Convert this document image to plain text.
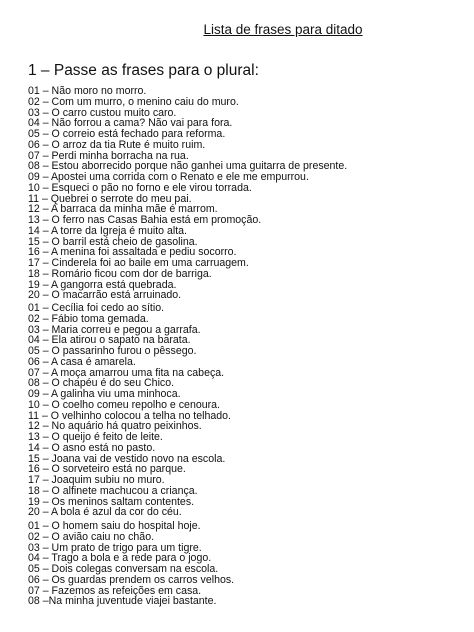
Lista de frases para ditado
1 – Passe as frases para o plural:
01 – Não moro no morro.
02 – Com um murro, o menino caiu do muro.
03 – O carro custou muito caro.
04 – Não forrou a cama? Não vai para fora.
05 – O correio está fechado para reforma.
06 – O arroz da tia Rute é muito ruim.
07 – Perdi minha borracha na rua.
08 – Estou aborrecido porque não ganhei uma guitarra de presente.
09 – Apostei uma corrida com o Renato e ele me empurrou.
10 – Esqueci o pão no forno e ele virou torrada.
11 – Quebrei o serrote do meu pai.
12 – A barraca da minha mãe é marrom.
13 – O ferro nas Casas Bahia está em promoção.
14 – A torre da Igreja é muito alta.
15 – O barril está cheio de gasolina.
16 – A menina foi assaltada e pediu socorro.
17 – Cinderela foi ao baile em uma carruagem.
18 – Romário ficou com dor de barriga.
19 – A gangorra está quebrada.
20 – O macarrão está arruinado.
01 – Cecília foi cedo ao sítio.
02 – Fábio toma gemada.
03 – Maria correu e pegou a garrafa.
04 – Ela atirou o sapato na barata.
05 – O passarinho furou o pêssego.
06 – A casa é amarela.
07 – A moça amarrou uma fita na cabeça.
08 – O chapéu é do seu Chico.
09 – A galinha viu uma minhoca.
10 – O coelho comeu repolho e cenoura.
11 – O velhinho colocou a telha no telhado.
12 – No aquário há quatro peixinhos.
13 – O queijo é feito de leite.
14 – O asno está no pasto.
15 – Joana vai de vestido novo na escola.
16 – O sorveteiro está no parque.
17 – Joaquim subiu no muro.
18 – O alfinete machucou a criança.
19 – Os meninos saltam contentes.
20 – A bola é azul da cor do céu.
01 – O homem saiu do hospital hoje.
02 – O avião caiu no chão.
03 – Um prato de trigo para um tigre.
04 – Trago a bola e a rede para o jogo.
05 – Dois colegas conversam na escola.
06 – Os guardas prendem os carros velhos.
07 – Fazemos as refeições em casa.
08 –Na minha juventude viajei bastante.
